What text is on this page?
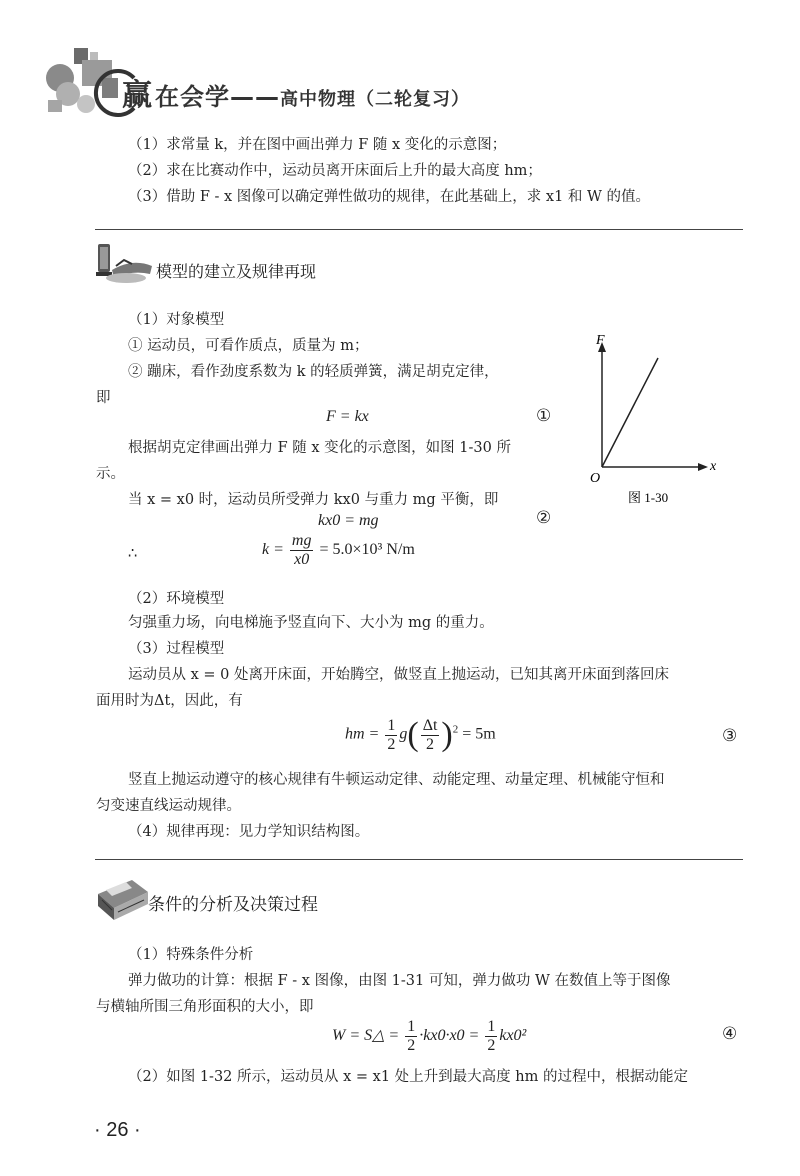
赢在会学——高中物理（二轮复习）
（1）求常量 k，并在图中画出弹力 F 随 x 变化的示意图；
（2）求在比赛动作中，运动员离开床面后上升的最大高度 hm；
（3）借助 F - x 图像可以确定弹性做功的规律，在此基础上，求 x1 和 W 的值。
模型的建立及规律再现
（1）对象模型
① 运动员，可看作质点，质量为 m；
② 蹦床，看作劲度系数为 k 的轻质弹簧，满足胡克定律，
即
F = kx	①
根据胡克定律画出弹力 F 随 x 变化的示意图，如图 1-30 所
示。
F
x
O
图 1-30
当 x = x0 时，运动员所受弹力 kx0 与重力 mg 平衡，即
kx0 = mg	②
∴	$k = \frac{mg}{x0} = 5.0\times 10^3$ N/m
（2）环境模型
匀强重力场，向电梯施予竖直向下、大小为 mg 的重力。
（3）过程模型
运动员从 x = 0 处离开床面，开始腾空，做竖直上抛运动，已知其离开床面到落回床
面用时为Δt，因此，有
hm = $\frac{1}{2} g( \frac{\Delta t}{2} )^2 = 5m$	③
竖直上抛运动遵守的核心规律有牛顿运动定律、动能定理、动量定理、机械能守恒和
匀变速直线运动规律。
（4）规律再现：见力学知识结构图。
条件的分析及决策过程
（1）特殊条件分析
弹力做功的计算：根据 F - x 图像，由图 1-31 可知，弹力做功 W 在数值上等于图像
与横轴所围三角形面积的大小，即
W = S△ = $\frac{1}{2} \cdot kx0\cdot x0 = \frac{1}{2} kx0^2$	④
（2）如图 1-32 所示，运动员从 x = x1 处上升到最大高度 hm 的过程中，根据动能定
· 26 ·
